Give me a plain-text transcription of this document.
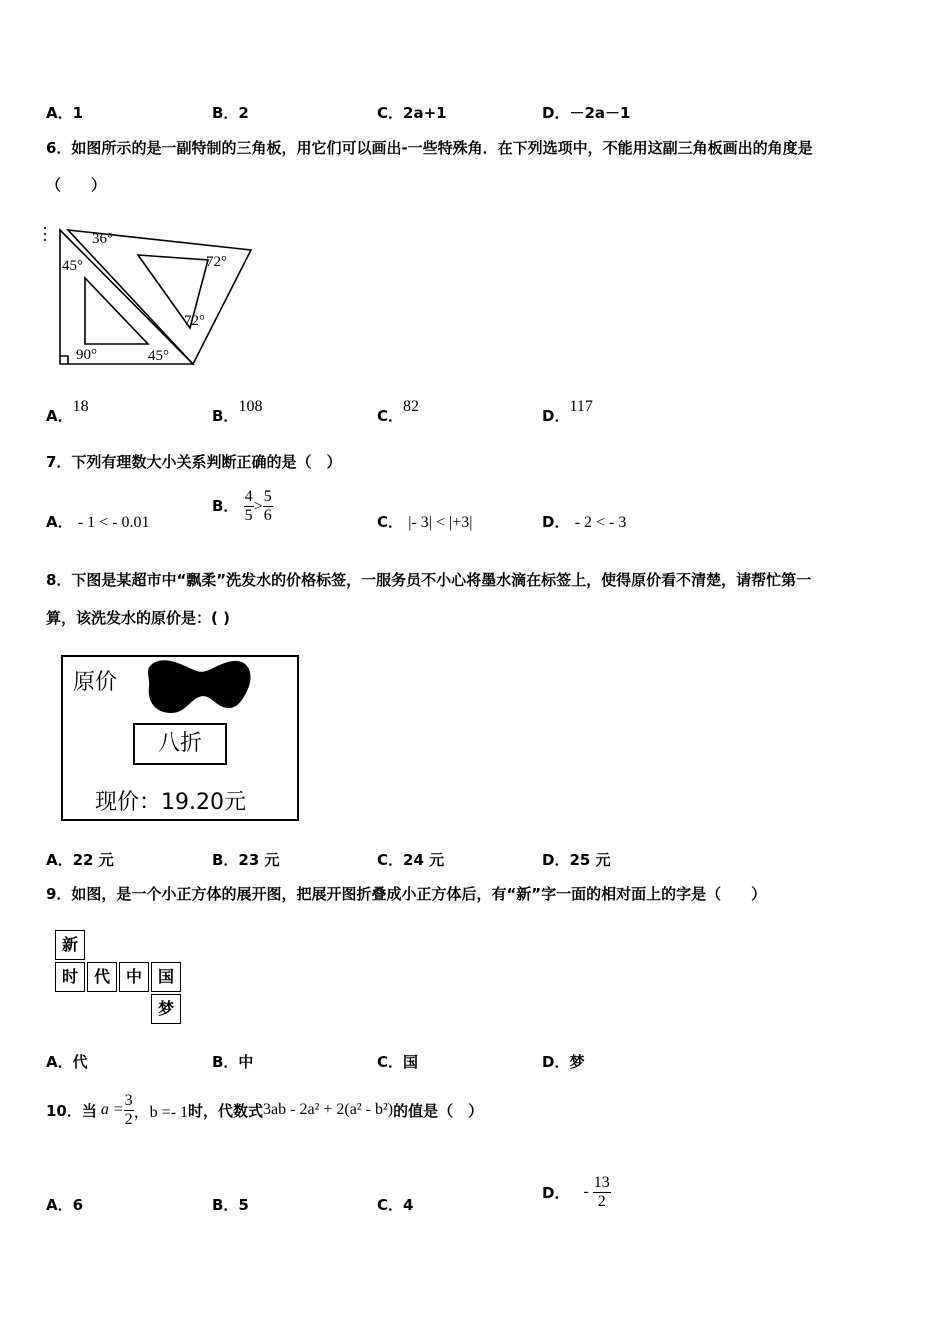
A．1	B．2	C．2a+1	D．－2a－1
6．如图所示的是一副特制的三角板，用它们可以画出-一些特殊角．在下列选项中，不能用这副三角板画出的角度是
（　　）
36°
45°	72°
72°
90°	45°
A．18
B．108
C．82
D．117
7．下列有理数大小关系判断正确的是（　）
A． - 1 < - 0.01
B． $\frac{4}{5} > \frac{5}{6}$	C． |- 3| < |+3|	D． - 2 < - 3
8．下图是某超市中“飘柔”洗发水的价格标签，一服务员不小心将墨水滴在标签上，使得原价看不清楚，请帮忙第一
算，该洗发水的原价是：( )
原价
八折
现价：19.20元
A．22 元	B．23 元	C．24 元	D．25 元
9．如图，是一个小正方体的展开图，把展开图折叠成小正方体后，有“新”字一面的相对面上的字是（　　）
新
时 代 中 国
梦
A．代	B．中	C．国	D．梦
10．当 $a = \frac{3}{2}$ ，b =- 1 时，代数式 3ab - 2a² + 2(a² - b²) 的值是（　）
A．6	B．5	C．4
D． - $\frac{13}{2}$
